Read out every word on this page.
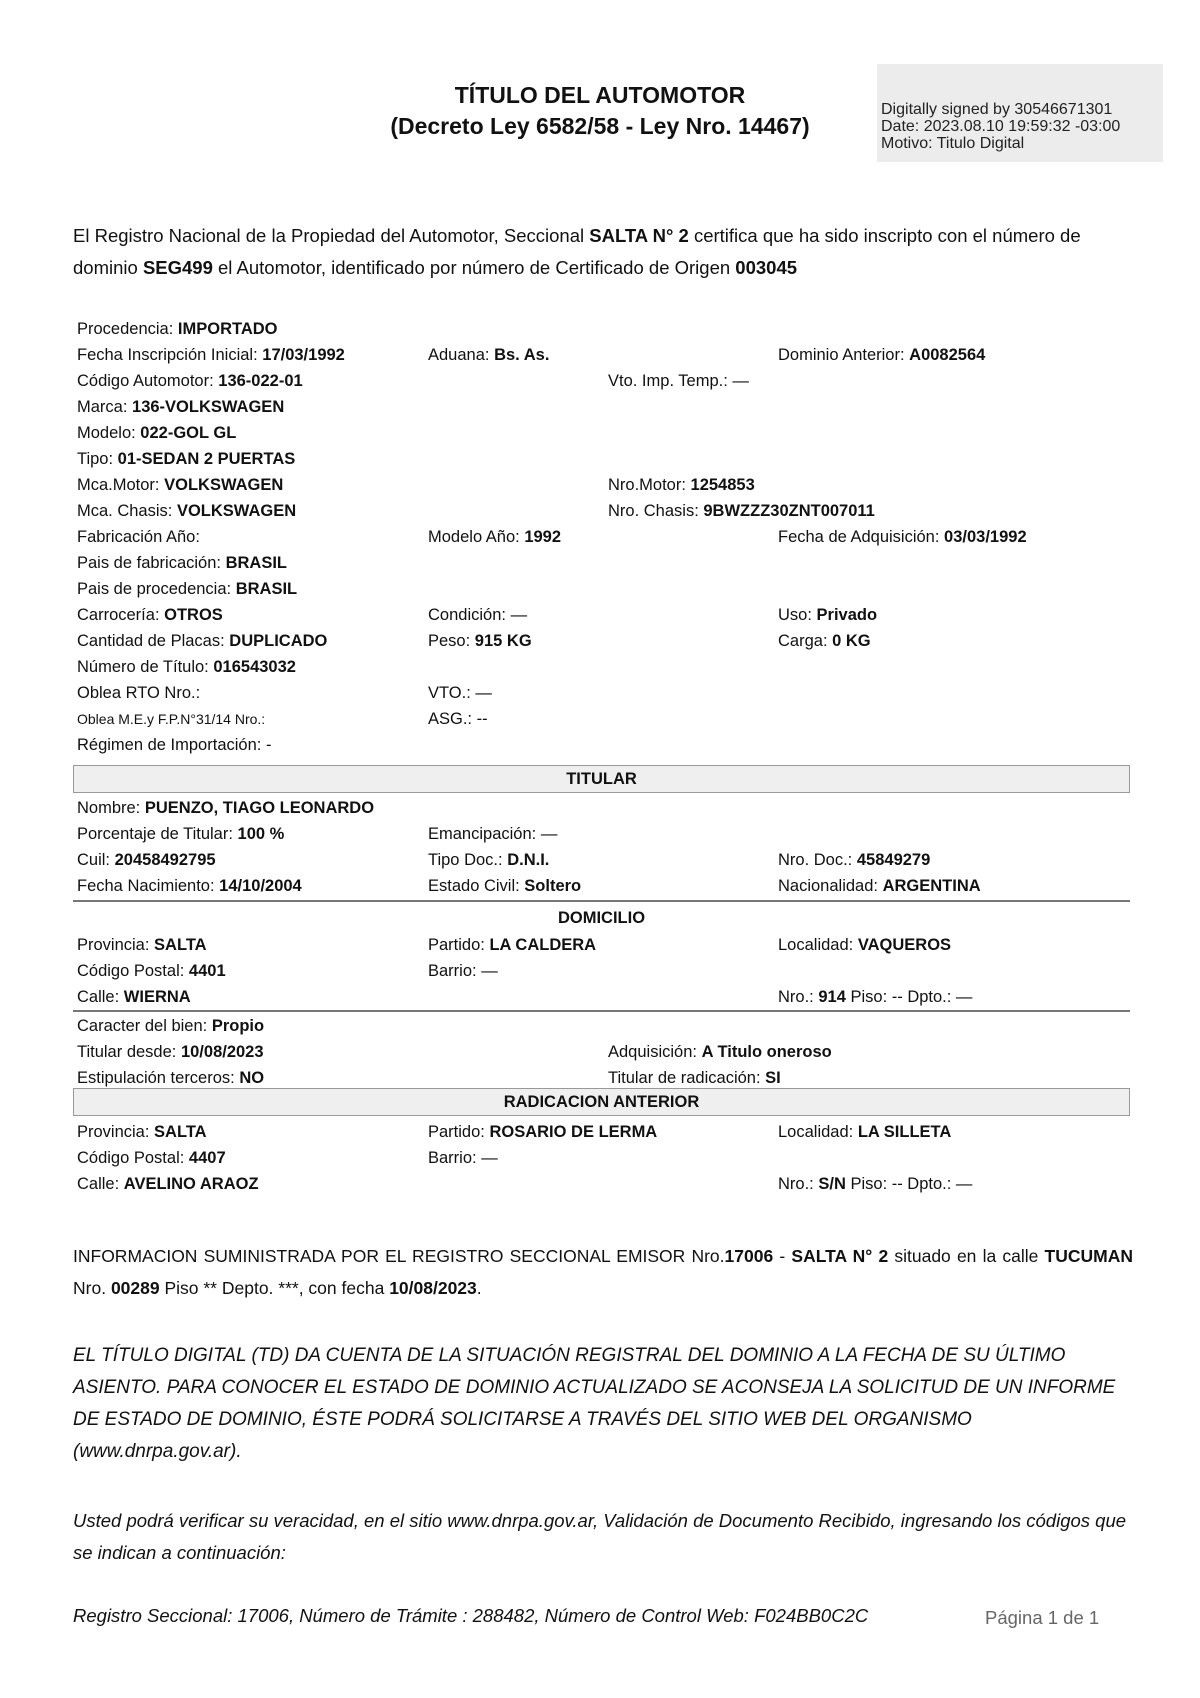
TÍTULO DEL AUTOMOTOR
(Decreto Ley 6582/58 - Ley Nro. 14467)
Digitally signed by 30546671301
Date: 2023.08.10 19:59:32 -03:00
Motivo: Titulo Digital
El Registro Nacional de la Propiedad del Automotor, Seccional SALTA N° 2 certifica que ha sido inscripto con el número de dominio SEG499 el Automotor, identificado por número de Certificado de Origen 003045
Procedencia: IMPORTADO
Fecha Inscripción Inicial: 17/03/1992	Aduana: Bs. As.	Dominio Anterior: A0082564
Código Automotor: 136-022-01	Vto. Imp. Temp.: —
Marca: 136-VOLKSWAGEN
Modelo: 022-GOL GL
Tipo: 01-SEDAN 2 PUERTAS
Mca.Motor: VOLKSWAGEN	Nro.Motor: 1254853
Mca. Chasis: VOLKSWAGEN	Nro. Chasis: 9BWZZZ30ZNT007011
Fabricación Año:	Modelo Año: 1992	Fecha de Adquisición: 03/03/1992
Pais de fabricación: BRASIL
Pais de procedencia: BRASIL
Carrocería: OTROS	Condición: —	Uso: Privado
Cantidad de Placas: DUPLICADO	Peso: 915 KG	Carga: 0 KG
Número de Título: 016543032
Oblea RTO Nro.:	VTO.: —
Oblea M.E.y F.P.N°31/14 Nro.:	ASG.: --
Régimen de Importación: -
TITULAR
Nombre: PUENZO, TIAGO LEONARDO
Porcentaje de Titular: 100 %	Emancipación: —
Cuil: 20458492795	Tipo Doc.: D.N.I.	Nro. Doc.: 45849279
Fecha Nacimiento: 14/10/2004	Estado Civil: Soltero	Nacionalidad: ARGENTINA
DOMICILIO
Provincia: SALTA	Partido: LA CALDERA	Localidad: VAQUEROS
Código Postal: 4401	Barrio: —
Calle: WIERNA	Nro.: 914 Piso: -- Dpto.: —
Caracter del bien: Propio
Titular desde: 10/08/2023	Adquisición: A Titulo oneroso
Estipulación terceros: NO	Titular de radicación: SI
RADICACION ANTERIOR
Provincia: SALTA	Partido: ROSARIO DE LERMA	Localidad: LA SILLETA
Código Postal: 4407	Barrio: —
Calle: AVELINO ARAOZ	Nro.: S/N Piso: -- Dpto.: —
INFORMACION SUMINISTRADA POR EL REGISTRO SECCIONAL EMISOR Nro.17006 - SALTA N° 2 situado en la calle TUCUMAN Nro. 00289 Piso ** Depto. ***, con fecha 10/08/2023.
EL TÍTULO DIGITAL (TD) DA CUENTA DE LA SITUACIÓN REGISTRAL DEL DOMINIO A LA FECHA DE SU ÚLTIMO ASIENTO. PARA CONOCER EL ESTADO DE DOMINIO ACTUALIZADO SE ACONSEJA LA SOLICITUD DE UN INFORME DE ESTADO DE DOMINIO, ÉSTE PODRÁ SOLICITARSE A TRAVÉS DEL SITIO WEB DEL ORGANISMO (www.dnrpa.gov.ar).
Usted podrá verificar su veracidad, en el sitio www.dnrpa.gov.ar, Validación de Documento Recibido, ingresando los códigos que se indican a continuación:
Registro Seccional: 17006, Número de Trámite : 288482, Número de Control Web: F024BB0C2C	Página 1 de 1
